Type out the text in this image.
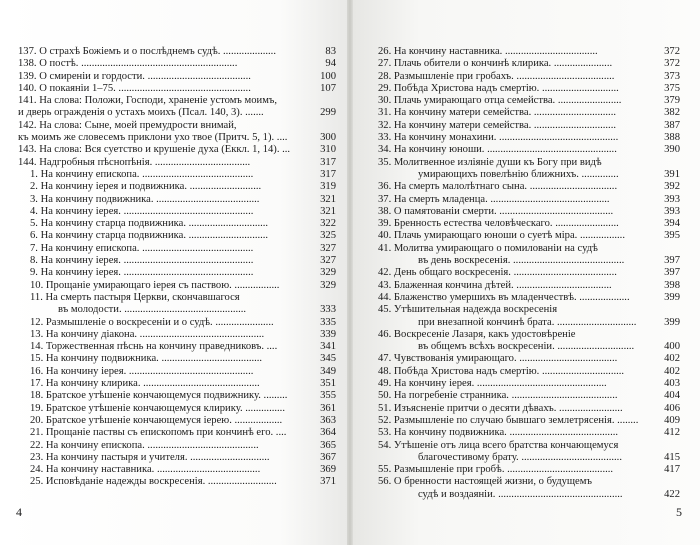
137. О страхѣ Божіемъ и о послѣднемъ судѣ. ....................	83
138. О постѣ. ...........................................................	94
139. О смиреніи и гордости. .......................................	100
140. О покаяніи 1–75. ..................................................	107
141. На слова: Положи, Господи, храненіе устомъ моимъ,
и дверь огражденія о устахъ моихъ (Псал. 140, 3). .......	299
142. На слова: Сыне, моей премудрости внимай,
къ моимъ же словесемъ приклони ухо твое (Притч. 5, 1). ....	300
143. На слова: Вся суетство и крушеніе духа (Еккл. 1, 14). ...	310
144. Надгробныя пѣснопѣнія. ....................................	317
1. На кончину епископа. ..........................................	317
2. На кончину іерея и подвижника. ...........................	319
3. На кончину подвижника. .......................................	321
4. На кончину іерея. .................................................	321
5. На кончину старца подвижника. ..............................	322
6. На кончину старца подвижника. ..............................	325
7. На кончину епископа. ..........................................	327
8. На кончину іерея. .................................................	327
9. На кончину іерея. .................................................	329
10. Прощаніе умирающаго іерея съ паствою. .................	329
11. На смерть пастыря Церкви, скончавшагося
въ молодости. ..............................................	333
12. Размышленіе о воскресеніи и о судѣ. ......................	335
13. На кончину діакона. ...............................................	339
14. Торжественная пѣснь на кончину праведниковъ. ....	341
15. На кончину подвижника. ......................................	345
16. На кончину іерея. ...............................................	349
17. На кончину клирика. ............................................	351
18. Братское утѣшеніе кончающемуся подвижнику. .........	355
19. Братское утѣшеніе кончающемуся клирику. ...............	361
20. Братское утѣшеніе кончающемуся іерею. ..................	363
21. Прощаніе паствы съ епископомъ при кончинѣ его. ....	364
22. На кончину епископа. ..........................................	365
23. На кончину пастыря и учителя. ..............................	367
24. На кончину наставника. .......................................	369
25. Исповѣданіе надежды воскресенія. ..........................	371
26. На кончину наставника. ...................................	372
27. Плачь обители о кончинѣ клирика. ......................	372
28. Размышленіе при гробахъ. .....................................	373
29. Побѣда Христова надъ смертію. .............................	375
30. Плачь умирающаго отца семейства. ........................	379
31. На кончину матери семейства. ...............................	382
32. На кончину матери семейства. ...............................	387
33. На кончину монахини. .............................................	388
34. На кончину юноши. .................................................	390
35. Молитвенное изліяніе души къ Богу при видѣ
умирающихъ повелѣнію ближнихъ. ..............	391
36. На смерть малолѣтнаго сына. .................................	392
37. На смерть младенца. .............................................	393
38. О памятованіи смерти. ...........................................	393
39. Бренность естества человѣческаго. ........................	394
40. Плачь умирающаго юноши о суетѣ міра. .................	395
41. Молитва умирающаго о помилованіи на судѣ
въ день воскресенія. ..........................................	397
42. День общаго воскресенія. .......................................	397
43. Блаженная кончина дѣтей. ....................................	398
44. Блаженство умершихъ въ младенчествѣ. ...................	399
45. Утѣшительная надежда воскресенія
при внезапной кончинѣ брата. ..............................	399
46. Воскресеніе Лазаря, какъ удостовѣреніе
въ общемъ всѣхъ воскресеніи. .............................	400
47. Чувствованія умирающаго. .....................................	402
48. Побѣда Христова надъ смертію. ...............................	402
49. На кончину іерея. .................................................	403
50. На погребеніе странника. ........................................	404
51. Изъясненіе притчи о десяти дѣвахъ. ........................	406
52. Размышленіе по случаю бывшаго землетрясенія. ........ 409
53. На кончину подвижника. .........................................	412
54. Утѣшеніе отъ лица всего братства кончающемуся
благочестивому брату. ......................................	415
55. Размышленіе при гробѣ. ........................................	417
56. О бренности настоящей жизни, о будущемъ
судѣ и воздаяніи. ...............................................	422
4	5
